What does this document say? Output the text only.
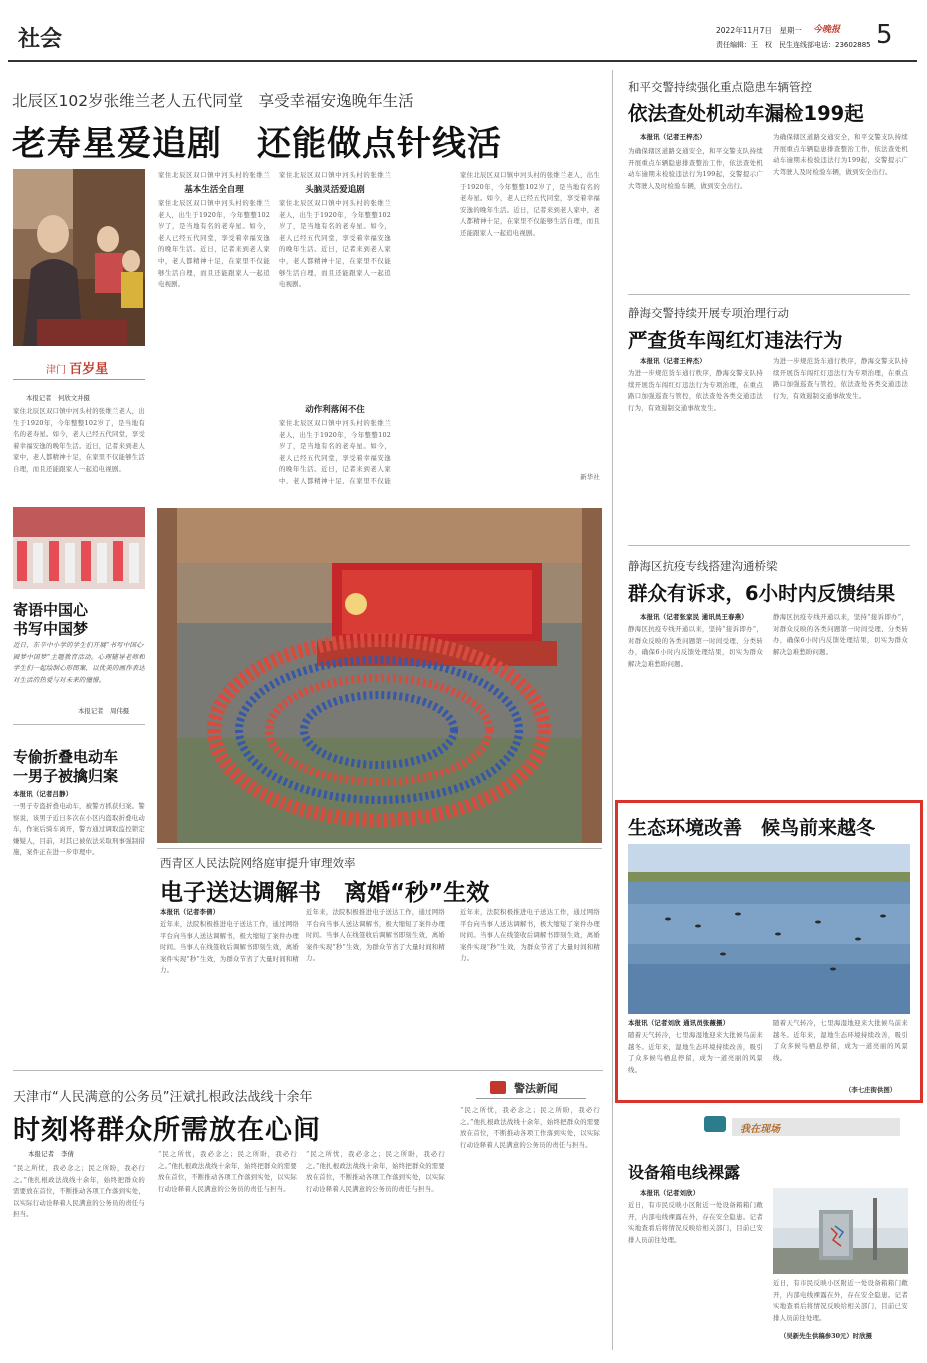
社会	2022年11月7日　星期一 今晚报
责任编辑：王　权　民生连线部电话：23602885 5
北辰区102岁张维兰老人五代同堂　享受幸福安逸晚年生活
老寿星爱追剧　还能做点针线活
津门 百岁星
本报记者　何欣文并摄
家住北辰区双口镇中河头村的张维兰老人，出生于1920年，今年整整102岁了，是当地有名的老寿星。如今，老人已经五代同堂，享受着幸福安逸的晚年生活。近日，记者来到老人家中，老人都精神十足，在家里不仅能够生活自理，而且还能跟家人一起追电视剧。
基本生活全自理
家住北辰区双口镇中河头村的张维兰
家住北辰区双口镇中河头村的张维兰老人，出生于1920年，今年整整102岁了，是当地有名的老寿星。如今，老人已经五代同堂，享受着幸福安逸的晚年生活。近日，记者来到老人家中，老人都精神十足，在家里不仅能够生活自理，而且还能跟家人一起追电视剧。
家住北辰区双口镇中河头村的张维兰
头脑灵活爱追剧
家住北辰区双口镇中河头村的张维兰老人，出生于1920年，今年整整102岁了，是当地有名的老寿星。如今，老人已经五代同堂，享受着幸福安逸的晚年生活。近日，记者来到老人家中，老人都精神十足，在家里不仅能够生活自理，而且还能跟家人一起追电视剧。
动作利落闲不住
家住北辰区双口镇中河头村的张维兰老人，出生于1920年，今年整整102岁了，是当地有名的老寿星。如今，老人已经五代同堂，享受着幸福安逸的晚年生活。近日，记者来到老人家中，老人都精神十足，在家里不仅能
家住北辰区双口镇中河头村的张维兰老人，出生于1920年，今年整整102岁了，是当地有名的老寿星。如今，老人已经五代同堂，享受着幸福安逸的晚年生活。近日，记者来到老人家中，老人都精神十足，在家里不仅能够生活自理，而且还能跟家人一起追电视剧。
新华社
寄语中国心
书写中国梦
近日，东辛中小学的学生们开展“书写中国心·圆梦中国梦”主题教育活动。心理辅导老师和学生们一起绘制心形图案，以优美的画作表达对生活的热爱与对未来的憧憬。
本报记者　周伟摄
专偷折叠电动车
一男子被擒归案
本报讯（记者吕静）
一男子专盗折叠电动车，被警方抓获归案。警察说，该男子近日多次在小区内盗取折叠电动车，作案后骑车离开，警方通过调取监控锁定嫌疑人，目前，对其已被依法采取刑事强制措施，案件正在进一步审理中。
西青区人民法院网络庭审提升审理效率
电子送达调解书　离婚“秒”生效
本报讯（记者李倩）
近年来，法院积极推进电子送达工作，通过网络平台向当事人送达调解书，极大缩短了案件办理时间。当事人在线签收后调解书即刻生效，离婚案件实现“秒”生效，为群众节省了大量时间和精力。
近年来，法院积极推进电子送达工作，通过网络平台向当事人送达调解书，极大缩短了案件办理时间。当事人在线签收后调解书即刻生效，离婚案件实现“秒”生效，为群众节省了大量时间和精力。
近年来，法院积极推进电子送达工作，通过网络平台向当事人送达调解书，极大缩短了案件办理时间。当事人在线签收后调解书即刻生效，离婚案件实现“秒”生效，为群众节省了大量时间和精力。
天津市“人民满意的公务员”汪斌扎根政法战线十余年
时刻将群众所需放在心间
本报记者　李倩
“民之所忧，我必念之；民之所盼，我必行之。”他扎根政法战线十余年，始终把群众的需要放在首位，不断推动各项工作落到实处，以实际行动诠释着人民满意的公务员的责任与担当。
“民之所忧，我必念之；民之所盼，我必行之。”他扎根政法战线十余年，始终把群众的需要放在首位，不断推动各项工作落到实处，以实际行动诠释着人民满意的公务员的责任与担当。
“民之所忧，我必念之；民之所盼，我必行之。”他扎根政法战线十余年，始终把群众的需要放在首位，不断推动各项工作落到实处，以实际行动诠释着人民满意的公务员的责任与担当。
警法新闻
“民之所忧，我必念之；民之所盼，我必行之。”他扎根政法战线十余年，始终把群众的需要放在首位，不断推动各项工作落到实处，以实际行动诠释着人民满意的公务员的责任与担当。
和平交警持续强化重点隐患车辆管控
依法查处机动车漏检199起
本报讯（记者王梓杰）
为确保辖区道路交通安全，和平交警支队持续开展重点车辆隐患排查整治工作，依法查处机动车逾期未检验违法行为199起，交警提示广大驾驶人及时检验车辆，做到安全出行。
为确保辖区道路交通安全，和平交警支队持续开展重点车辆隐患排查整治工作，依法查处机动车逾期未检验违法行为199起，交警提示广大驾驶人及时检验车辆，做到安全出行。
静海交警持续开展专项治理行动
严查货车闯红灯违法行为
本报讯（记者王梓杰）
为进一步规范货车通行秩序，静海交警支队持续开展货车闯红灯违法行为专项治理，在重点路口加强巡查与管控，依法查处各类交通违法行为，有效遏制交通事故发生。
为进一步规范货车通行秩序，静海交警支队持续开展货车闯红灯违法行为专项治理，在重点路口加强巡查与管控，依法查处各类交通违法行为，有效遏制交通事故发生。
静海区抗疫专线搭建沟通桥梁
群众有诉求，6小时内反馈结果
本报讯（记者张家民 通讯员王春燕）
静海区抗疫专线开通以来，坚持“接诉即办”，对群众反映的各类问题第一时间受理、分类转办，确保6小时内反馈处理结果，切实为群众解决急难愁盼问题。
静海区抗疫专线开通以来，坚持“接诉即办”，对群众反映的各类问题第一时间受理、分类转办，确保6小时内反馈处理结果，切实为群众解决急难愁盼问题。
生态环境改善　候鸟前来越冬
本报讯（记者刘欣 通讯员张薇摄）
随着天气转冷，七里海湿地迎来大批候鸟前来越冬。近年来，湿地生态环境持续改善，吸引了众多候鸟栖息停留，成为一道亮丽的风景线。
随着天气转冷，七里海湿地迎来大批候鸟前来越冬。近年来，湿地生态环境持续改善，吸引了众多候鸟栖息停留，成为一道亮丽的风景线。
（李七庄街供图）
我在现场
设备箱电线裸露
本报讯（记者刘欣）
近日，有市民反映小区附近一处设备箱箱门敞开，内部电线裸露在外，存在安全隐患。记者实地查看后将情况反映给相关部门，目前已安排人员前往处理。
近日，有市民反映小区附近一处设备箱箱门敞开，内部电线裸露在外，存在安全隐患。记者实地查看后将情况反映给相关部门，目前已安排人员前往处理。
（吴新先生供稿参30元）时欣摄
